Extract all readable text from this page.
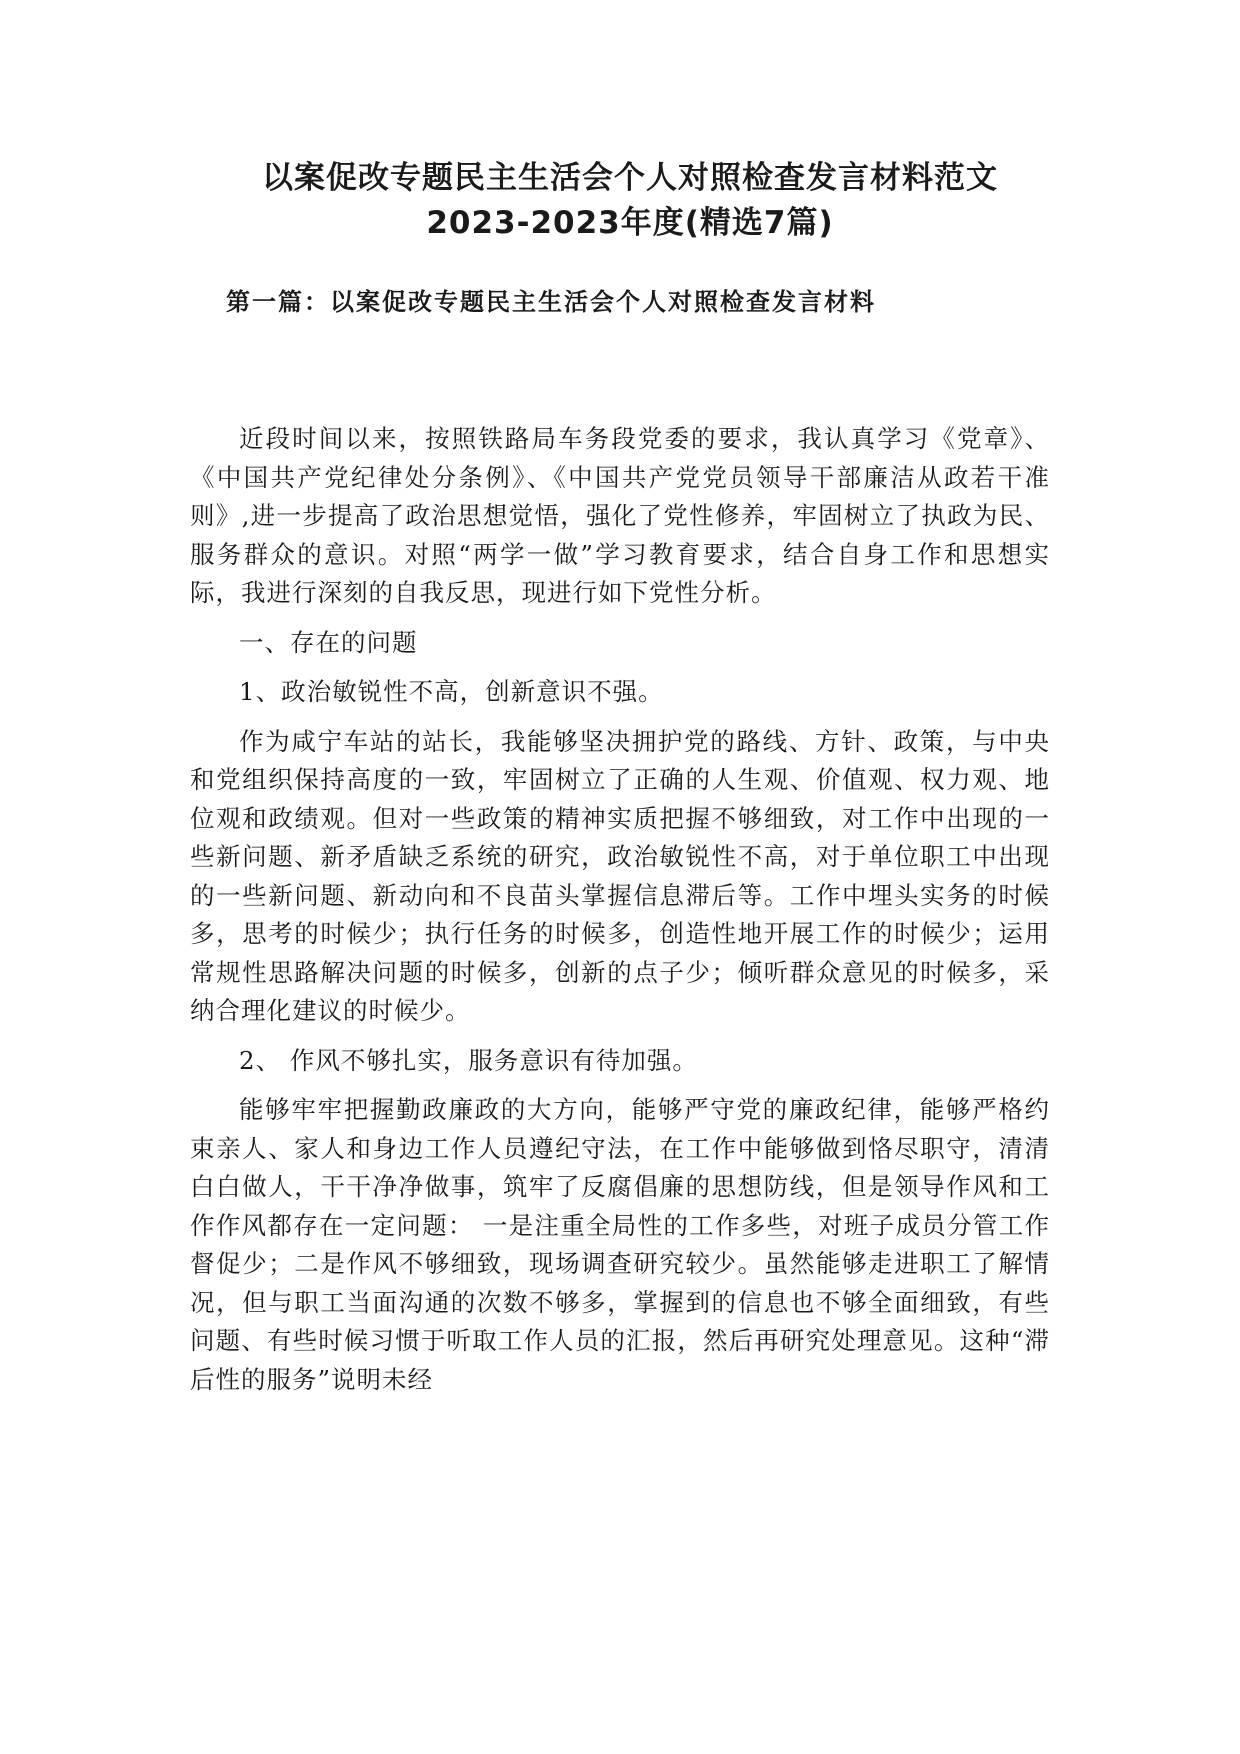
以案促改专题民主生活会个人对照检查发言材料范文
2023-2023年度(精选7篇)
第一篇：以案促改专题民主生活会个人对照检查发言材料

近段时间以来，按照铁路局车务段党委的要求，我认真学习《党章》、《中国共产党纪律处分条例》、《中国共产党党员领导干部廉洁从政若干准则》,进一步提高了政治思想觉悟，强化了党性修养，牢固树立了执政为民、服务群众的意识。对照“两学一做”学习教育要求，结合自身工作和思想实际，我进行深刻的自我反思，现进行如下党性分析。

一、存在的问题

1、政治敏锐性不高，创新意识不强。

作为咸宁车站的站长，我能够坚决拥护党的路线、方针、政策，与中央和党组织保持高度的一致，牢固树立了正确的人生观、价值观、权力观、地位观和政绩观。但对一些政策的精神实质把握不够细致，对工作中出现的一些新问题、新矛盾缺乏系统的研究，政治敏锐性不高，对于单位职工中出现的一些新问题、新动向和不良苗头掌握信息滞后等。工作中埋头实务的时候多，思考的时候少；执行任务的时候多，创造性地开展工作的时候少；运用常规性思路解决问题的时候多，创新的点子少；倾听群众意见的时候多，采纳合理化建议的时候少。

2、 作风不够扎实，服务意识有待加强。

能够牢牢把握勤政廉政的大方向，能够严守党的廉政纪律，能够严格约束亲人、家人和身边工作人员遵纪守法，在工作中能够做到恪尽职守，清清白白做人，干干净净做事，筑牢了反腐倡廉的思想防线，但是领导作风和工作作风都存在一定问题： 一是注重全局性的工作多些，对班子成员分管工作督促少；二是作风不够细致，现场调查研究较少。虽然能够走进职工了解情况，但与职工当面沟通的次数不够多，掌握到的信息也不够全面细致，有些问题、有些时候习惯于听取工作人员的汇报，然后再研究处理意见。这种“滞后性的服务”说明未经
